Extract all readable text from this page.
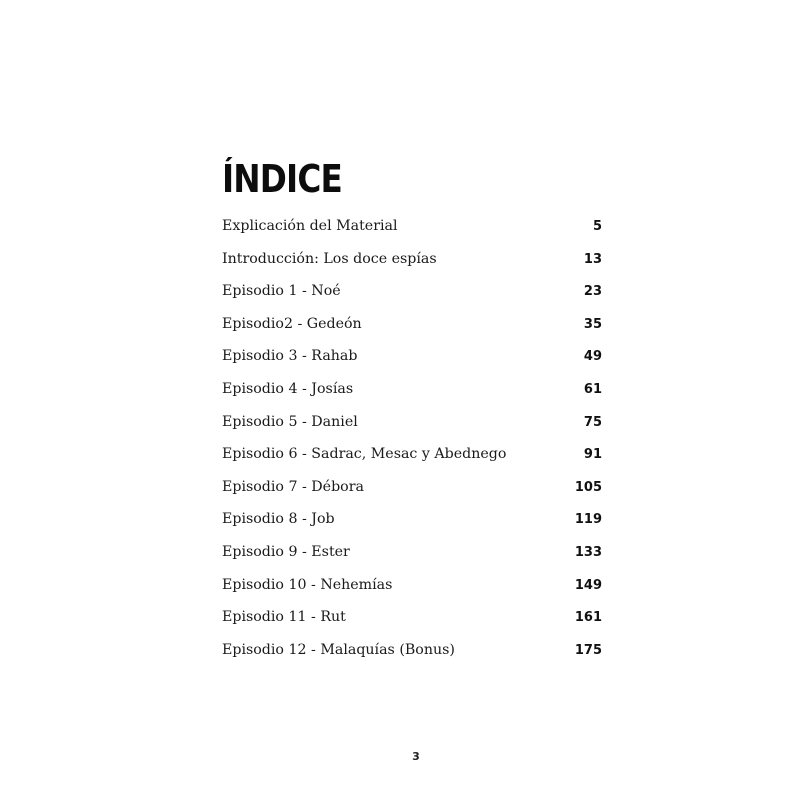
ÍNDICE
Explicación del Material	5
Introducción: Los doce espías	13
Episodio 1 - Noé	23
Episodio2 - Gedeón	35
Episodio 3 - Rahab	49
Episodio 4 - Josías	61
Episodio 5 - Daniel	75
Episodio 6 - Sadrac, Mesac y Abednego	91
Episodio 7 - Débora	105
Episodio 8 - Job	119
Episodio 9 - Ester	133
Episodio 10 - Nehemías	149
Episodio 11 - Rut	161
Episodio 12 - Malaquías (Bonus)	175
3
